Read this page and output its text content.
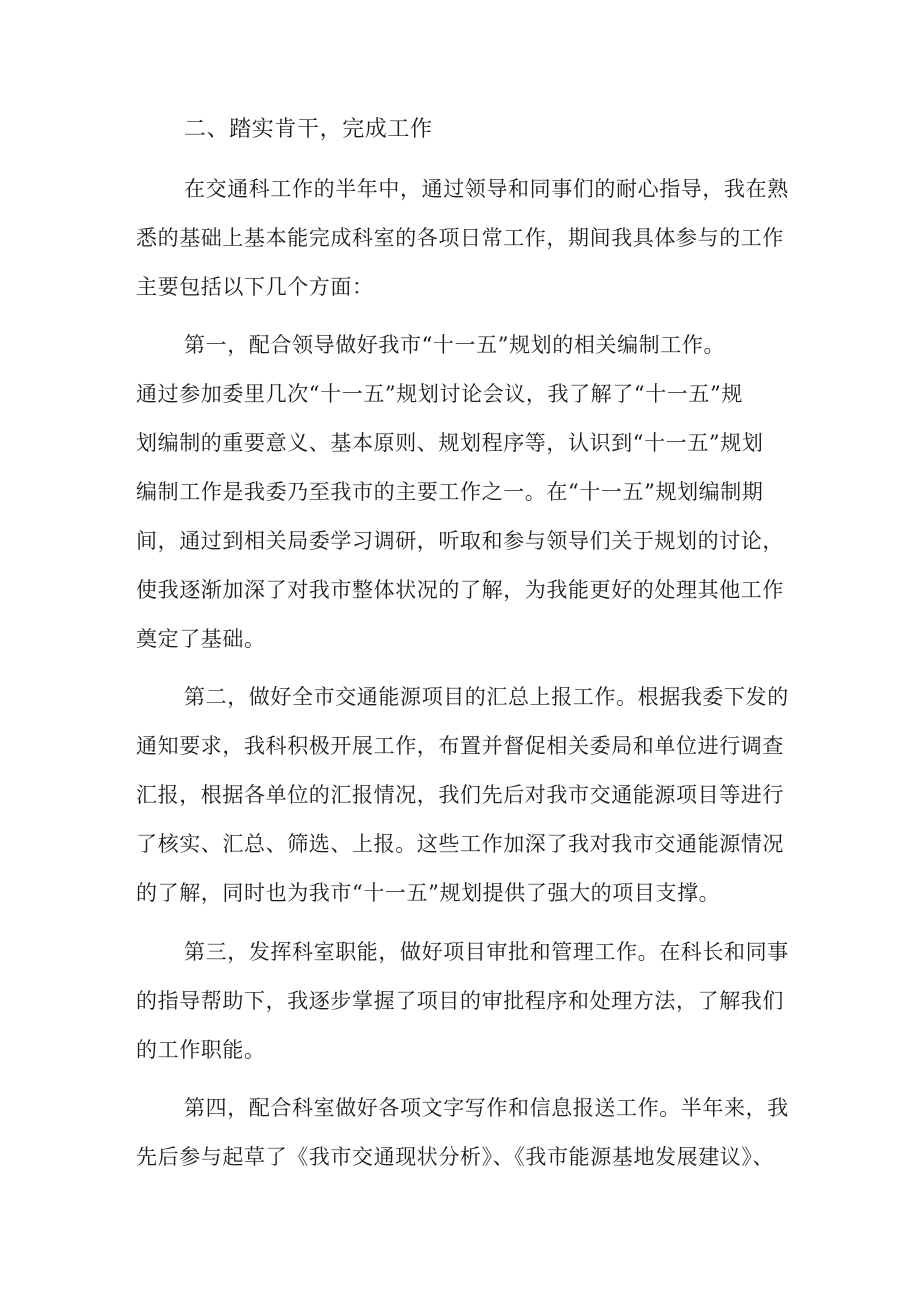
二、踏实肯干，完成工作
在交通科工作的半年中，通过领导和同事们的耐心指导，我在熟
悉的基础上基本能完成科室的各项日常工作，期间我具体参与的工作
主要包括以下几个方面：
第一，配合领导做好我市“十一五”规划的相关编制工作。
通过参加委里几次“十一五”规划讨论会议，我了解了“十一五”规
划编制的重要意义、基本原则、规划程序等，认识到“十一五”规划
编制工作是我委乃至我市的主要工作之一。在“十一五”规划编制期
间，通过到相关局委学习调研，听取和参与领导们关于规划的讨论，
使我逐渐加深了对我市整体状况的了解，为我能更好的处理其他工作
奠定了基础。
第二，做好全市交通能源项目的汇总上报工作。根据我委下发的
通知要求，我科积极开展工作，布置并督促相关委局和单位进行调查
汇报，根据各单位的汇报情况，我们先后对我市交通能源项目等进行
了核实、汇总、筛选、上报。这些工作加深了我对我市交通能源情况
的了解，同时也为我市“十一五”规划提供了强大的项目支撑。
第三，发挥科室职能，做好项目审批和管理工作。在科长和同事
的指导帮助下，我逐步掌握了项目的审批程序和处理方法，了解我们
的工作职能。
第四，配合科室做好各项文字写作和信息报送工作。半年来，我
先后参与起草了《我市交通现状分析》、《我市能源基地发展建议》、
